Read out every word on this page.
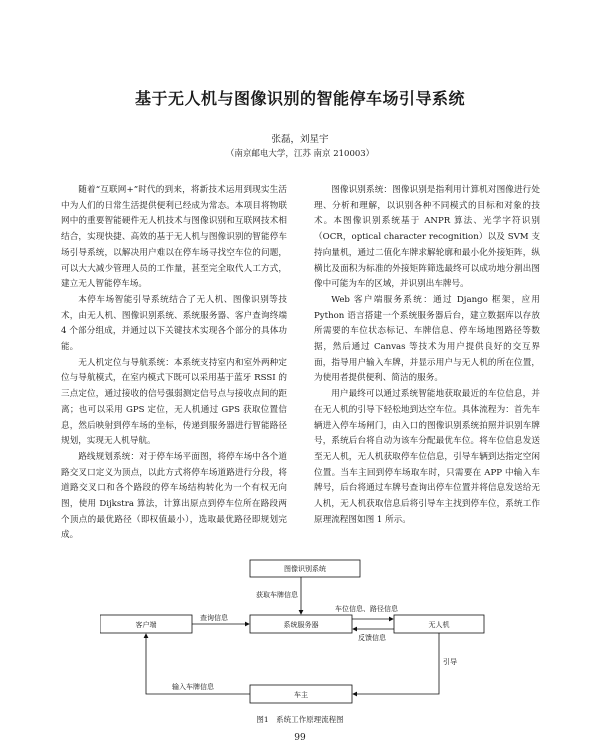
基于无人机与图像识别的智能停车场引导系统
张磊，刘星宇
（南京邮电大学，江苏 南京 210003）

随着“互联网+”时代的到来，将新技术运用到现实生活中为人们的日常生活提供便利已经成为常态。本项目将物联网中的重要智能硬件无人机技术与图像识别和互联网技术相结合，实现快捷、高效的基于无人机与图像识别的智能停车场引导系统，以解决用户难以在停车场寻找空车位的问题，可以大大减少管理人员的工作量，甚至完全取代人工方式，建立无人智能停车场。

本停车场智能引导系统结合了无人机、图像识别等技术，由无人机、图像识别系统、系统服务器、客户查询终端 4 个部分组成，并通过以下关键技术实现各个部分的具体功能。

无人机定位与导航系统：本系统支持室内和室外两种定位与导航模式，在室内模式下既可以采用基于蓝牙 RSSI 的三点定位，通过接收的信号强弱测定信号点与接收点间的距离；也可以采用 GPS 定位，无人机通过 GPS 获取位置信息，然后映射到停车场的坐标，传递到服务器进行智能路径规划，实现无人机导航。

路线规划系统：对于停车场平面图，将停车场中各个道路交叉口定义为顶点，以此方式将停车场道路进行分段，将道路交叉口和各个路段的停车场结构转化为一个有权无向图，使用 Dijkstra 算法，计算出原点到停车位所在路段两个顶点的最优路径（即权值最小），选取最优路径即规划完成。

图像识别系统：图像识别是指利用计算机对图像进行处理、分析和理解，以识别各种不同模式的目标和对象的技术。本图像识别系统基于 ANPR 算法、光学字符识别（OCR，optical character recognition）以及 SVM 支持向量机，通过二值化车牌求解轮廓和最小化外接矩阵，纵横比及面积为标准的外接矩阵筛选最终可以成功地分割出图像中可能为车的区域，并识别出车牌号。

Web 客户端服务系统：通过 Django 框架，应用 Python 语言搭建一个系统服务器后台，建立数据库以存放所需要的车位状态标记、车牌信息、停车场地图路径等数据，然后通过 Canvas 等技术为用户提供良好的交互界面，指导用户输入车牌，并显示用户与无人机的所在位置，为使用者提供便利、简洁的服务。

用户最终可以通过系统智能地获取最近的车位信息，并在无人机的引导下轻松地到达空车位。具体流程为：首先车辆进入停车场闸门，由入口的图像识别系统拍照并识别车牌号，系统后台将自动为该车分配最优车位。将车位信息发送至无人机，无人机获取停车位信息，引导车辆到达指定空闲位置。当车主回到停车场取车时，只需要在 APP 中输入车牌号，后台将通过车牌号查询出停车位置并将信息发送给无人机，无人机获取信息后将引导车主找到停车位，系统工作原理流程图如图 1 所示。

图像识别系统
客户端	系统服务器	无人机
车主
获取车牌信息
查询信息
车位信息、路径信息
反馈信息
引导
输入车牌信息
图1　系统工作原理流程图
99
